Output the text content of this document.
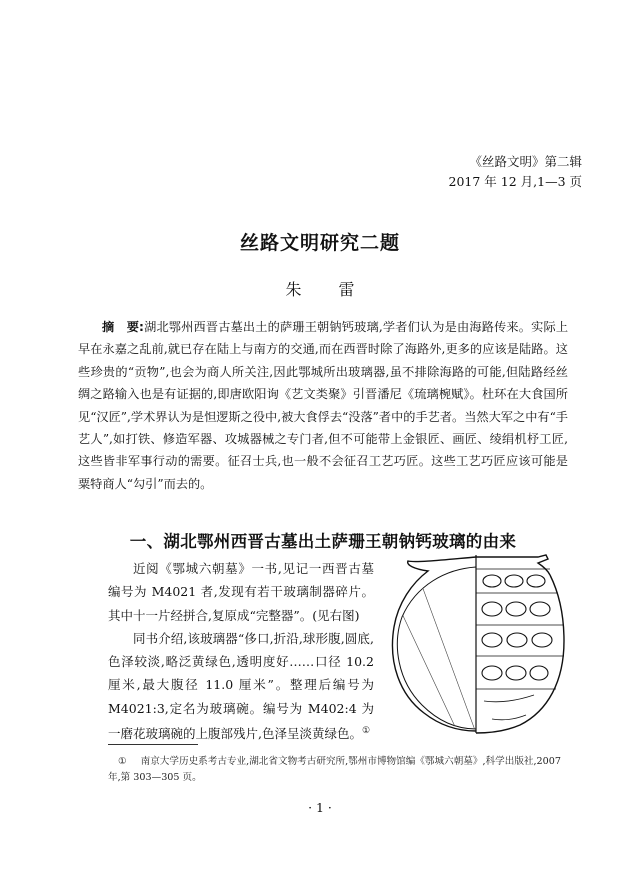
《丝路文明》第二辑
2017 年 12 月,1—3 页
丝路文明研究二题
朱 雷
摘　要:湖北鄂州西晋古墓出土的萨珊王朝钠钙玻璃,学者们认为是由海路传来。实际上早在永嘉之乱前,就已存在陆上与南方的交通,而在西晋时除了海路外,更多的应该是陆路。这些珍贵的“贡物”,也会为商人所关注,因此鄂城所出玻璃器,虽不排除海路的可能,但陆路经丝绸之路输入也是有证据的,即唐欧阳询《艺文类聚》引晋潘尼《琉璃椀赋》。杜环在大食国所见“汉匠”,学术界认为是怛逻斯之役中,被大食俘去“没落”者中的手艺者。当然大军之中有“手艺人”,如打铁、修造军器、攻城器械之专门者,但不可能带上金银匠、画匠、绫绢机杼工匠,这些皆非军事行动的需要。征召士兵,也一般不会征召工艺巧匠。这些工艺巧匠应该可能是粟特商人“勾引”而去的。
一、湖北鄂州西晋古墓出土萨珊王朝钠钙玻璃的由来

近阅《鄂城六朝墓》一书,见记一西晋古墓编号为 M4021 者,发现有若干玻璃制器碎片。其中十一片经拼合,复原成“完整器”。(见右图)

同书介绍,该玻璃器“侈口,折沿,球形腹,圆底,色泽较淡,略泛黄绿色,透明度好……口径 10.2 厘米,最大腹径 11.0 厘米”。整理后编号为 M4021:3,定名为玻璃碗。编号为 M402:4 为一磨花玻璃碗的上腹部残片,色泽呈淡黄绿色。①

① 南京大学历史系考古专业,湖北省文物考古研究所,鄂州市博物馆编《鄂城六朝墓》,科学出版社,2007 年,第 303—305 页。
· 1 ·
